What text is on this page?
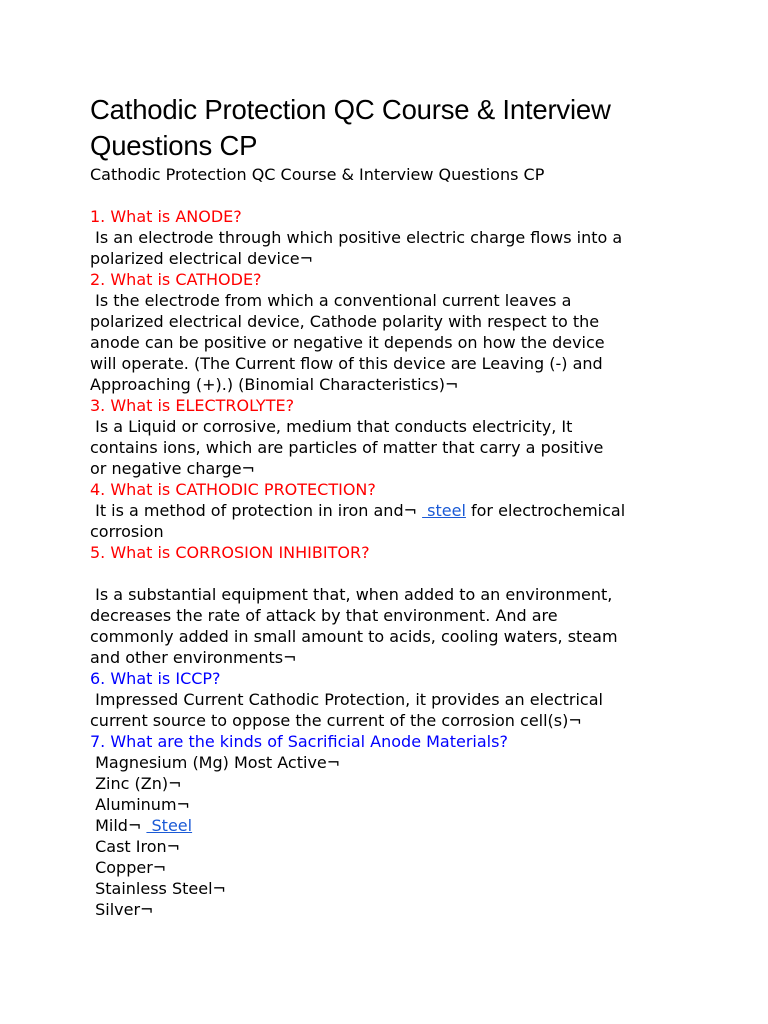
Cathodic Protection QC Course & Interview
Questions CP
Cathodic Protection QC Course & Interview Questions CP
1. What is ANODE?
Is an electrode through which positive electric charge flows into a
polarized electrical device¬
2. What is CATHODE?
Is the electrode from which a conventional current leaves a
polarized electrical device, Cathode polarity with respect to the
anode can be positive or negative it depends on how the device
will operate. (The Current flow of this device are Leaving (-) and
Approaching (+).) (Binomial Characteristics)¬
3. What is ELECTROLYTE?
Is a Liquid or corrosive, medium that conducts electricity, It
contains ions, which are particles of matter that carry a positive
or negative charge¬
4. What is CATHODIC PROTECTION?
It is a method of protection in iron and¬  steel for electrochemical
corrosion
5. What is CORROSION INHIBITOR?
Is a substantial equipment that, when added to an environment,
decreases the rate of attack by that environment. And are
commonly added in small amount to acids, cooling waters, steam
and other environments¬
6. What is ICCP?
Impressed Current Cathodic Protection, it provides an electrical
current source to oppose the current of the corrosion cell(s)¬
7. What are the kinds of Sacrificial Anode Materials?
Magnesium (Mg) Most Active¬
Zinc (Zn)¬
Aluminum¬
Mild¬  Steel
Cast Iron¬
Copper¬
Stainless Steel¬
Silver¬
